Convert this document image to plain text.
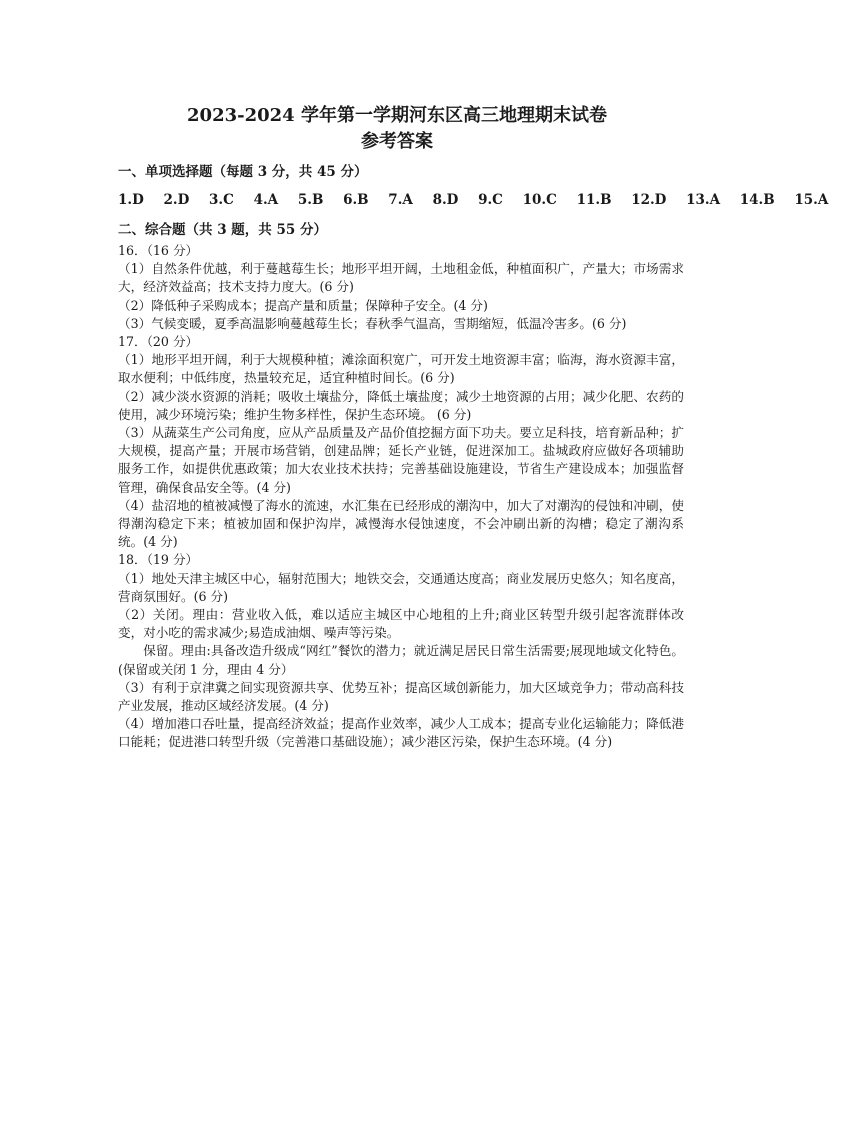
2023-2024 学年第一学期河东区高三地理期末试卷
参考答案
一、单项选择题（每题 3 分，共 45 分）
1.D 2.D 3.C 4.A 5.B 6.B 7.A 8.D 9.C 10.C 11.B 12.D 13.A 14.B 15.A
二、综合题（共 3 题，共 55 分）

16．（16 分）

（1）自然条件优越，利于蔓越莓生长；地形平坦开阔，土地租金低，种植面积广，产量大；市场需求大，经济效益高；技术支持力度大。(6 分)

（2）降低种子采购成本；提高产量和质量；保障种子安全。(4 分)

（3）气候变暖，夏季高温影响蔓越莓生长；春秋季气温高，雪期缩短，低温冷害多。(6 分)

17．（20 分）

（1）地形平坦开阔，利于大规模种植；滩涂面积宽广，可开发土地资源丰富；临海，海水资源丰富，取水便利；中低纬度，热量较充足，适宜种植时间长。(6 分)

（2）减少淡水资源的消耗；吸收土壤盐分，降低土壤盐度；减少土地资源的占用；减少化肥、农药的使用，减少环境污染；维护生物多样性，保护生态环境。 (6 分)

（3）从蔬菜生产公司角度，应从产品质量及产品价值挖掘方面下功夫。要立足科技，培育新品种；扩大规模，提高产量；开展市场营销，创建品牌；延长产业链，促进深加工。盐城政府应做好各项辅助服务工作，如提供优惠政策；加大农业技术扶持；完善基础设施建设，节省生产建设成本；加强监督管理，确保食品安全等。(4 分)

（4）盐沼地的植被减慢了海水的流速，水汇集在已经形成的潮沟中，加大了对潮沟的侵蚀和冲刷，使得潮沟稳定下来；植被加固和保护沟岸，减慢海水侵蚀速度，不会冲刷出新的沟槽；稳定了潮沟系统。(4 分)

18．（19 分）

（1）地处天津主城区中心，辐射范围大；地铁交会，交通通达度高；商业发展历史悠久；知名度高，营商氛围好。(6 分)

（2）关闭。理由：营业收入低，难以适应主城区中心地租的上升;商业区转型升级引起客流群体改变，对小吃的需求减少;易造成油烟、噪声等污染。

保留。理由:具备改造升级成“网红”餐饮的潜力；就近满足居民日常生活需要;展现地域文化特色。(保留或关闭 1 分，理由 4 分）

（3）有利于京津冀之间实现资源共享、优势互补；提高区域创新能力，加大区域竞争力；带动高科技产业发展，推动区域经济发展。(4 分)

（4）增加港口吞吐量，提高经济效益；提高作业效率，减少人工成本；提高专业化运输能力；降低港口能耗；促进港口转型升级（完善港口基础设施）；减少港区污染，保护生态环境。(4 分)
